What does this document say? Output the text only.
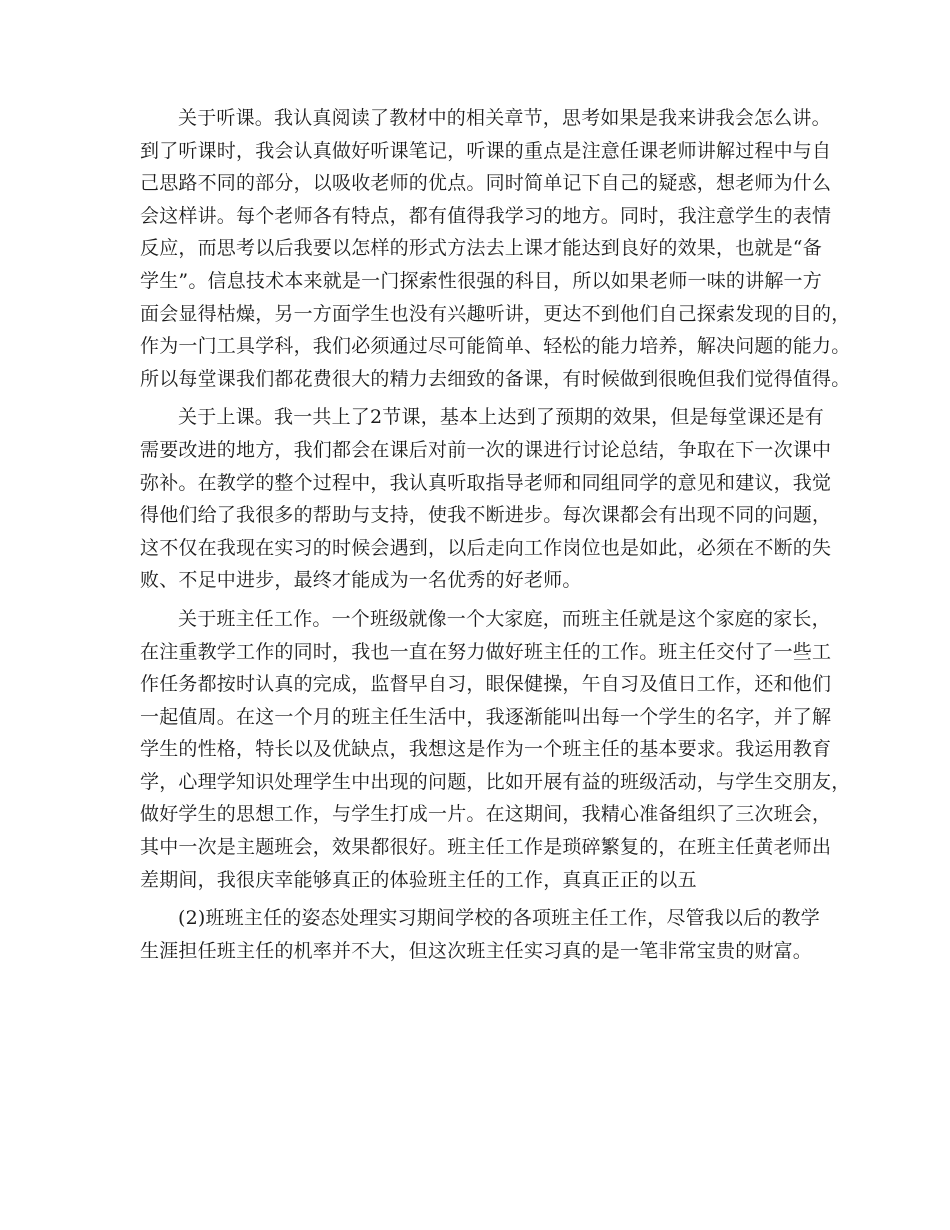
关于听课。我认真阅读了教材中的相关章节，思考如果是我来讲我会怎么讲。
到了听课时，我会认真做好听课笔记，听课的重点是注意任课老师讲解过程中与自
己思路不同的部分，以吸收老师的优点。同时简单记下自己的疑惑，想老师为什么
会这样讲。每个老师各有特点，都有值得我学习的地方。同时，我注意学生的表情
反应，而思考以后我要以怎样的形式方法去上课才能达到良好的效果，也就是“备
学生”。信息技术本来就是一门探索性很强的科目，所以如果老师一味的讲解一方
面会显得枯燥，另一方面学生也没有兴趣听讲，更达不到他们自己探索发现的目的，
作为一门工具学科，我们必须通过尽可能简单、轻松的能力培养，解决问题的能力。
所以每堂课我们都花费很大的精力去细致的备课，有时候做到很晚但我们觉得值得。

关于上课。我一共上了2节课，基本上达到了预期的效果，但是每堂课还是有
需要改进的地方，我们都会在课后对前一次的课进行讨论总结，争取在下一次课中
弥补。在教学的整个过程中，我认真听取指导老师和同组同学的意见和建议，我觉
得他们给了我很多的帮助与支持，使我不断进步。每次课都会有出现不同的问题，
这不仅在我现在实习的时候会遇到，以后走向工作岗位也是如此，必须在不断的失
败、不足中进步，最终才能成为一名优秀的好老师。

关于班主任工作。一个班级就像一个大家庭，而班主任就是这个家庭的家长，
在注重教学工作的同时，我也一直在努力做好班主任的工作。班主任交付了一些工
作任务都按时认真的完成，监督早自习，眼保健操，午自习及值日工作，还和他们
一起值周。在这一个月的班主任生活中，我逐渐能叫出每一个学生的名字，并了解
学生的性格，特长以及优缺点，我想这是作为一个班主任的基本要求。我运用教育
学，心理学知识处理学生中出现的问题，比如开展有益的班级活动，与学生交朋友，
做好学生的思想工作，与学生打成一片。在这期间，我精心准备组织了三次班会，
其中一次是主题班会，效果都很好。班主任工作是琐碎繁复的，在班主任黄老师出
差期间，我很庆幸能够真正的体验班主任的工作，真真正正的以五

(2)班班主任的姿态处理实习期间学校的各项班主任工作，尽管我以后的教学
生涯担任班主任的机率并不大，但这次班主任实习真的是一笔非常宝贵的财富。
